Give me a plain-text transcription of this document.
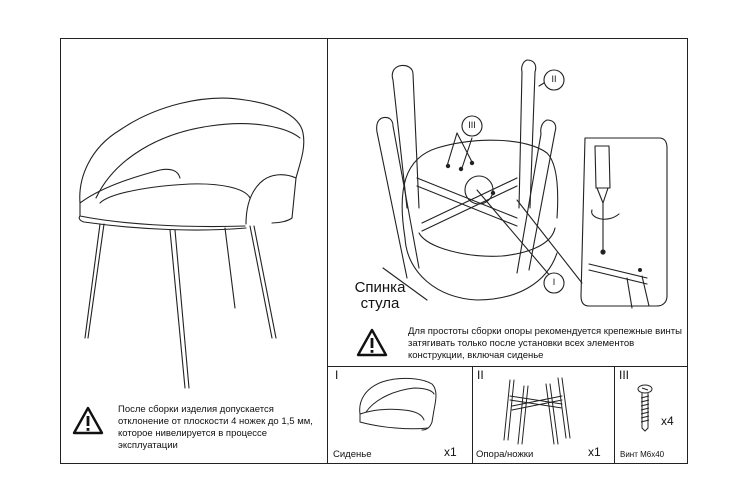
После сборки изделия допускается отклонение от плоскости 4 ножек до 1,5 мм, которое нивелируется в процессе эксплуатации
II
III
I
Спинка стула
Для простоты сборки опоры рекомендуется крепежные винты затягивать только после установки всех элементов конструкции, включая сиденье
I
Сиденье	x1
II
Опора/ножки	x1
III
x4
Винт М6х40
